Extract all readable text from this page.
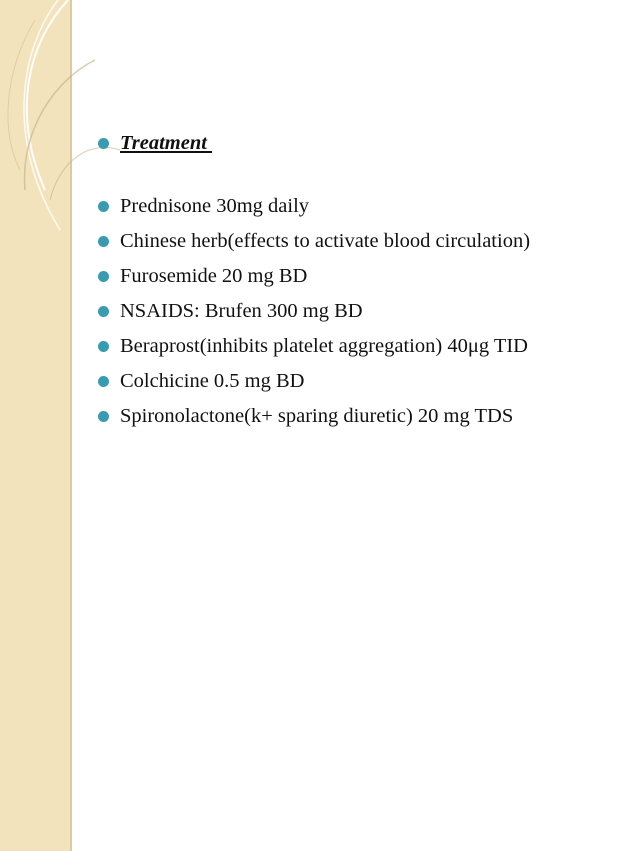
Treatment
Prednisone 30mg daily
Chinese herb(effects to activate blood circulation)
Furosemide 20 mg BD
NSAIDS: Brufen 300 mg BD
Beraprost(inhibits platelet aggregation) 40μg TID
Colchicine 0.5 mg BD
Spironolactone(k+ sparing diuretic) 20 mg TDS
